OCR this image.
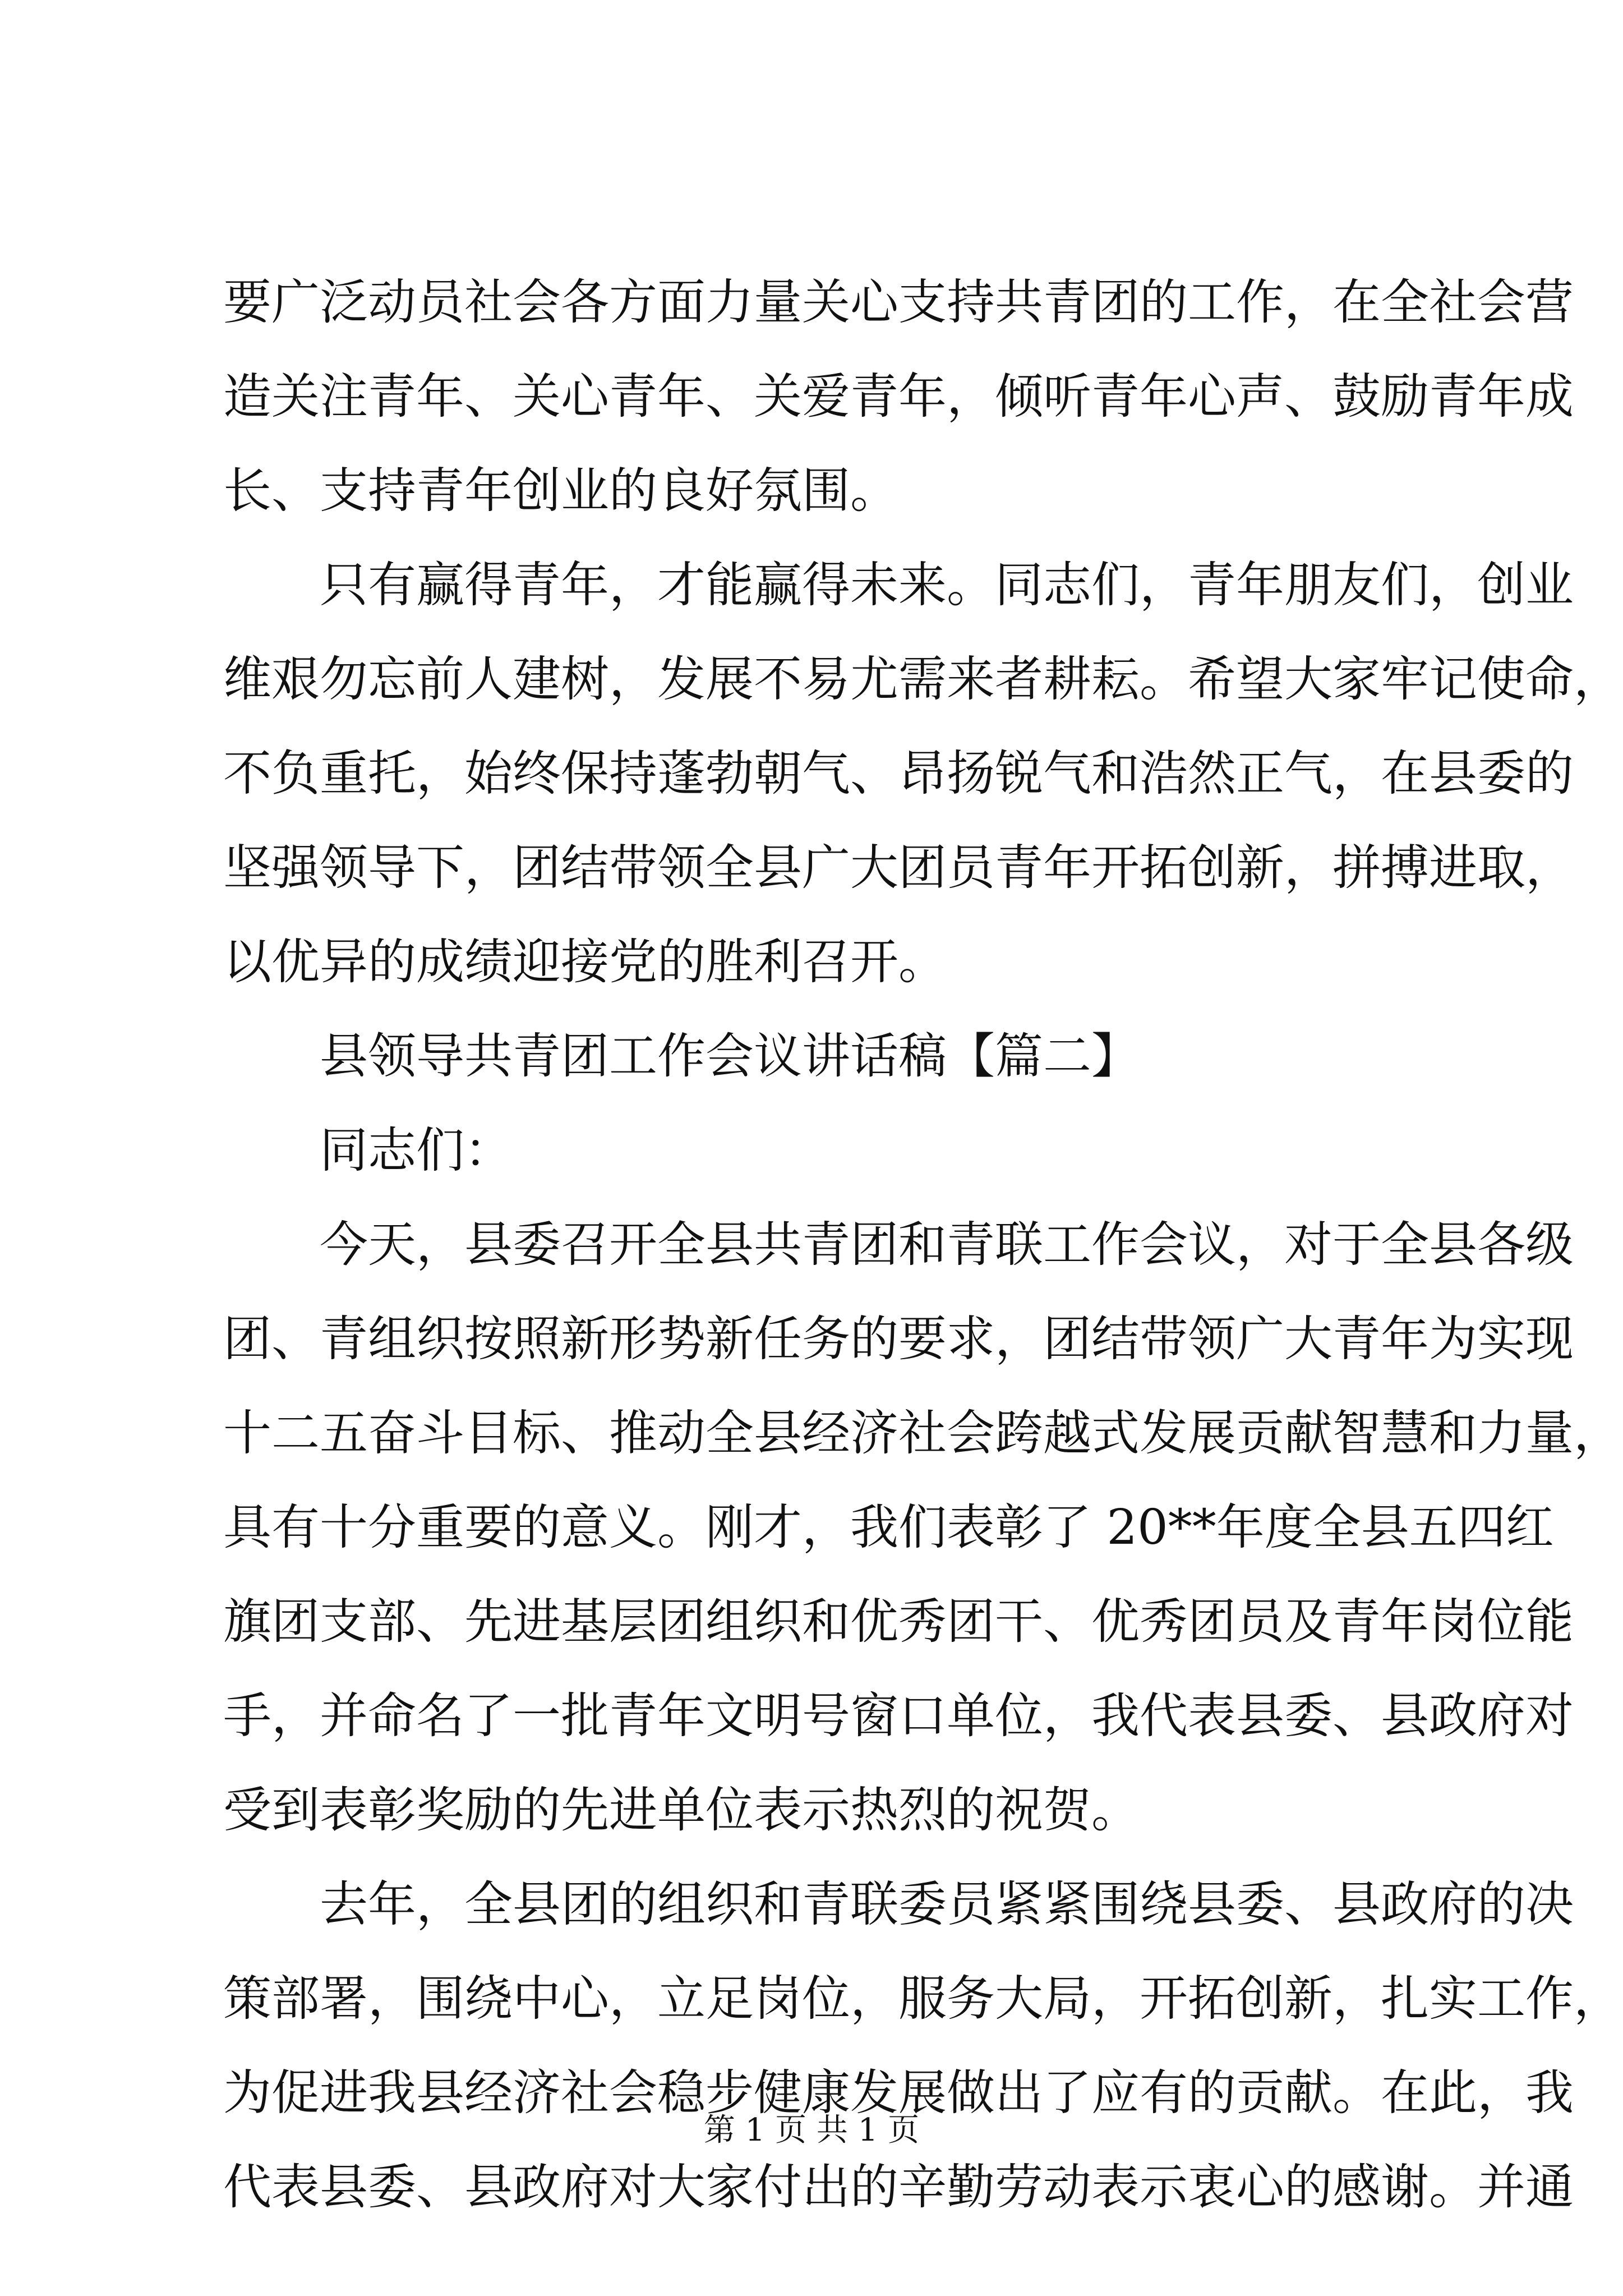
要广泛动员社会各方面力量关心支持共青团的工作，在全社会营
造关注青年、关心青年、关爱青年，倾听青年心声、鼓励青年成
长、支持青年创业的良好氛围。
只有赢得青年，才能赢得未来。同志们，青年朋友们，创业
维艰勿忘前人建树，发展不易尤需来者耕耘。希望大家牢记使命，
不负重托，始终保持蓬勃朝气、昂扬锐气和浩然正气，在县委的
坚强领导下，团结带领全县广大团员青年开拓创新，拼搏进取，
以优异的成绩迎接党的胜利召开。
县领导共青团工作会议讲话稿【篇二】
同志们：
今天，县委召开全县共青团和青联工作会议，对于全县各级
团、青组织按照新形势新任务的要求，团结带领广大青年为实现
十二五奋斗目标、推动全县经济社会跨越式发展贡献智慧和力量，
具有十分重要的意义。刚才，我们表彰了 20**年度全县五四红
旗团支部、先进基层团组织和优秀团干、优秀团员及青年岗位能
手，并命名了一批青年文明号窗口单位，我代表县委、县政府对
受到表彰奖励的先进单位表示热烈的祝贺。
去年，全县团的组织和青联委员紧紧围绕县委、县政府的决
策部署，围绕中心，立足岗位，服务大局，开拓创新，扎实工作，
为促进我县经济社会稳步健康发展做出了应有的贡献。在此，我
代表县委、县政府对大家付出的辛勤劳动表示衷心的感谢。并通
第 1 页 共 1 页
